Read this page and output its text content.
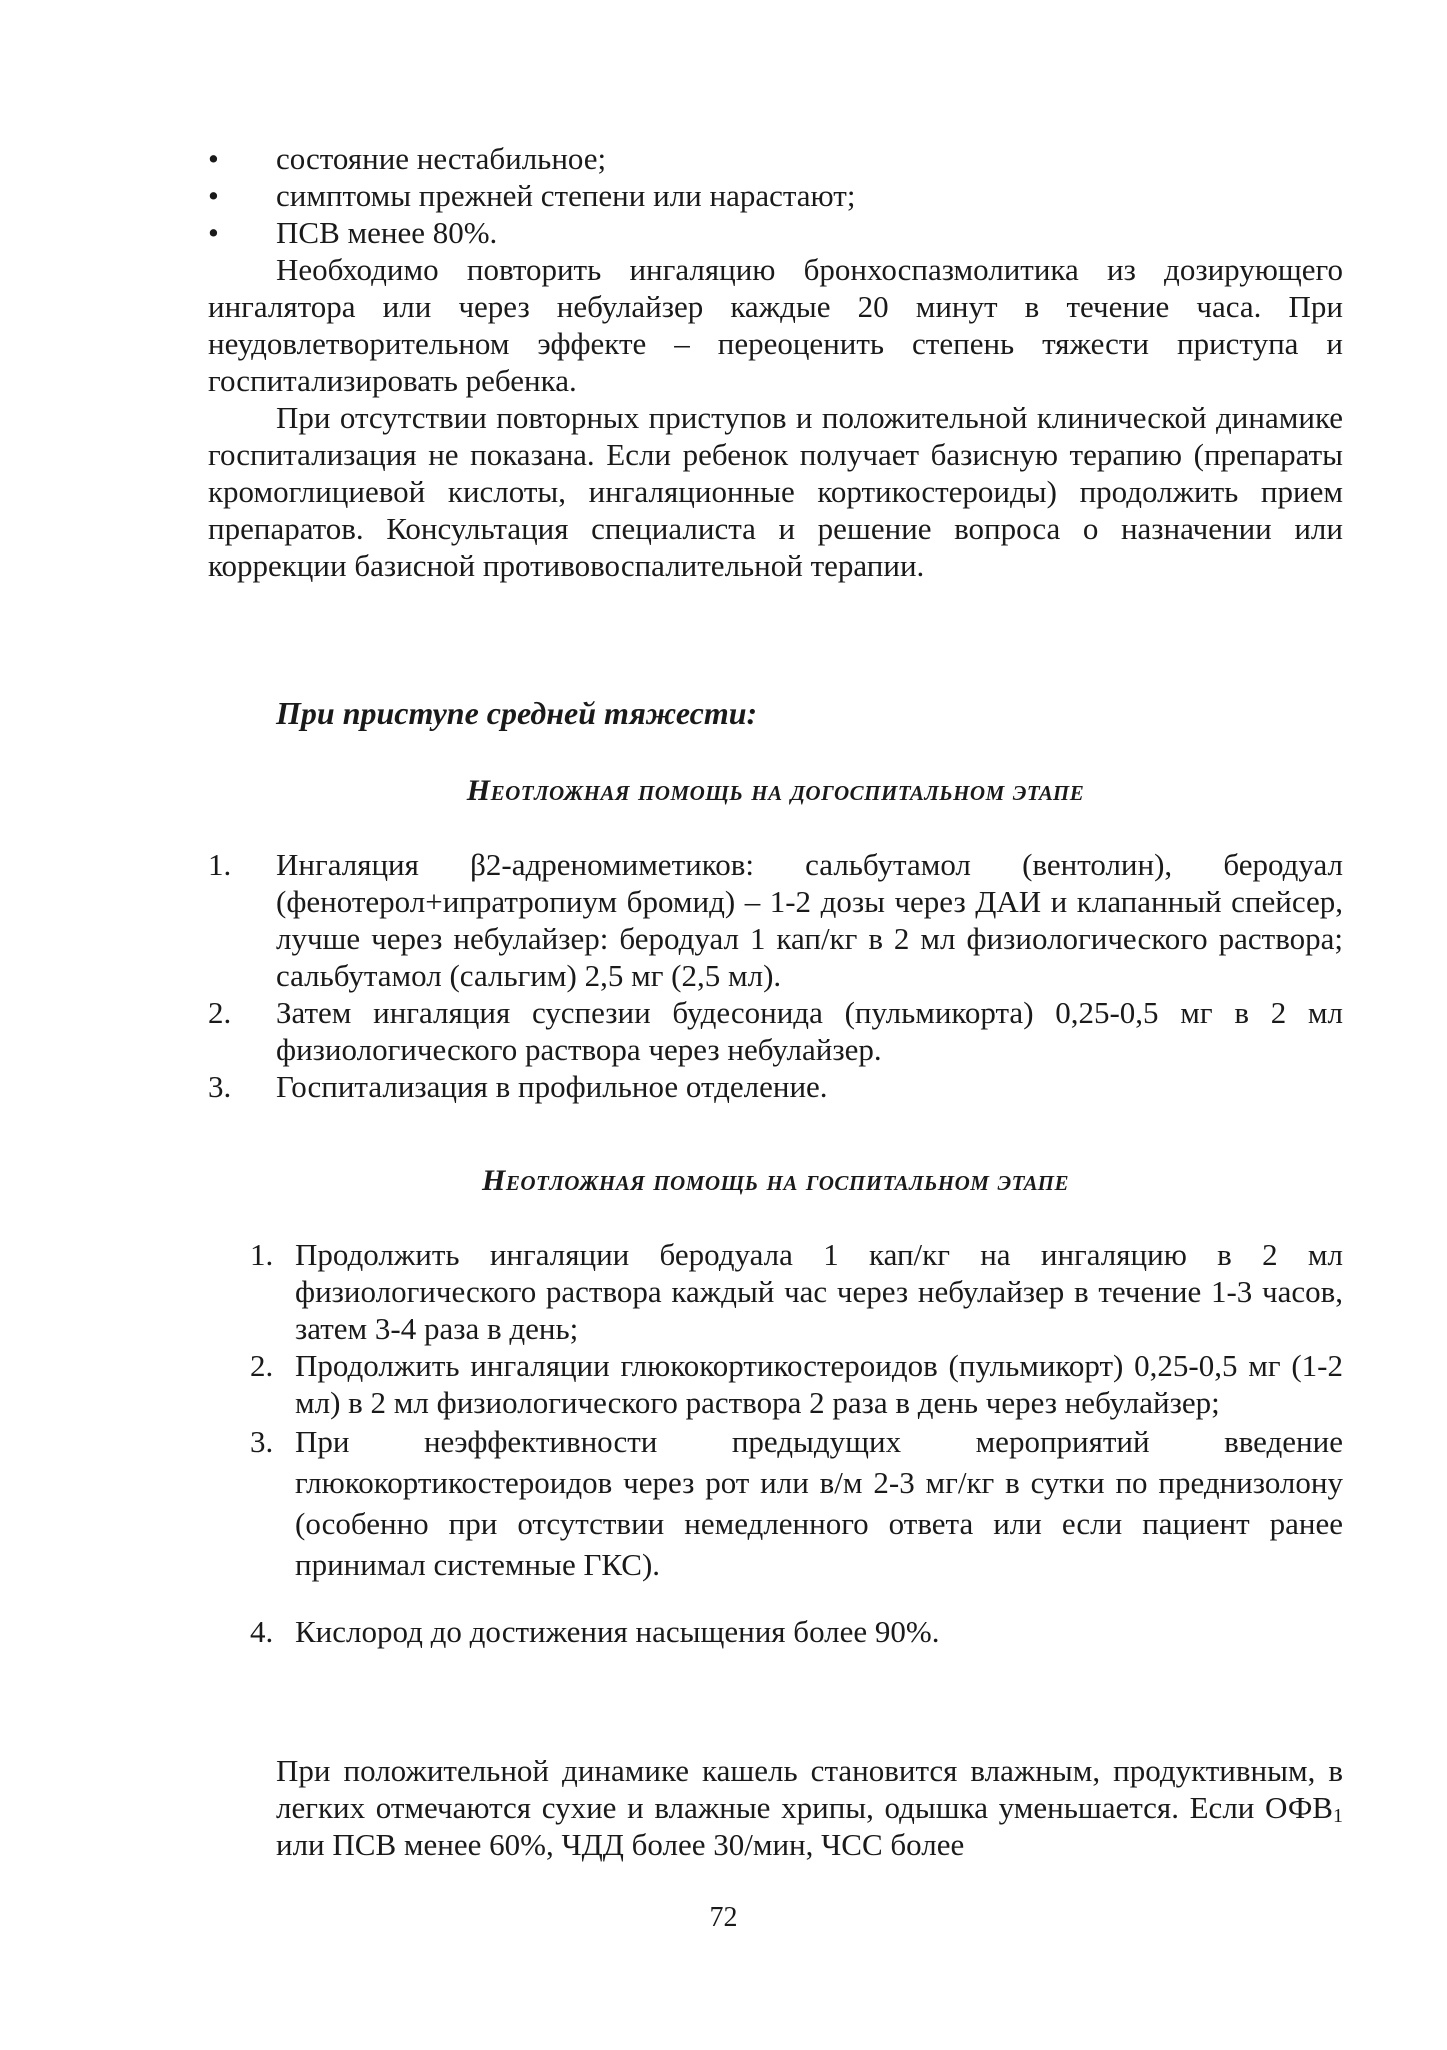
• состояние нестабильное;
• симптомы прежней степени или нарастают;
• ПСВ менее 80%.

Необходимо повторить ингаляцию бронхоспазмолитика из дозирующего ингалятора или через небулайзер каждые 20 минут в течение часа. При неудовлетворительном эффекте – переоценить степень тяжести приступа и госпитализировать ребенка.

При отсутствии повторных приступов и положительной клинической динамике госпитализация не показана. Если ребенок получает базисную терапию (препараты кромоглициевой кислоты, ингаляционные кортикостероиды) продолжить прием препаратов. Консультация специалиста и решение вопроса о назначении или коррекции базисной противовоспалительной терапии.

При приступе средней тяжести:
Неотложная помощь на догоспитальном этапе
1. Ингаляция β2-адреномиметиков: сальбутамол (вентолин), беродуал (фенотерол+ипратропиум бромид) – 1-2 дозы через ДАИ и клапанный спейсер, лучше через небулайзер: беродуал 1 кап/кг в 2 мл физиологического раствора; сальбутамол (сальгим) 2,5 мг (2,5 мл).
2. Затем ингаляция суспезии будесонида (пульмикорта) 0,25-0,5 мг в 2 мл физиологического раствора через небулайзер.
3. Госпитализация в профильное отделение.
Неотложная помощь на госпитальном этапе
1. Продолжить ингаляции беродуала 1 кап/кг на ингаляцию в 2 мл физиологического раствора каждый час через небулайзер в течение 1-3 часов, затем 3-4 раза в день;
2. Продолжить ингаляции глюкокортикостероидов (пульмикорт) 0,25-0,5 мг (1-2 мл) в 2 мл физиологического раствора 2 раза в день через небулайзер;
3. При неэффективности предыдущих мероприятий введение глюкокортикостероидов через рот или в/м 2-3 мг/кг в сутки по преднизолону (особенно при отсутствии немедленного ответа или если пациент ранее принимал системные ГКС).
4. Кислород до достижения насыщения более 90%.

При положительной динамике кашель становится влажным, продуктивным, в легких отмечаются сухие и влажные хрипы, одышка уменьшается. Если $ОФВ_1$ или ПСВ менее 60%, ЧДД более 30/мин, ЧСС более

72
